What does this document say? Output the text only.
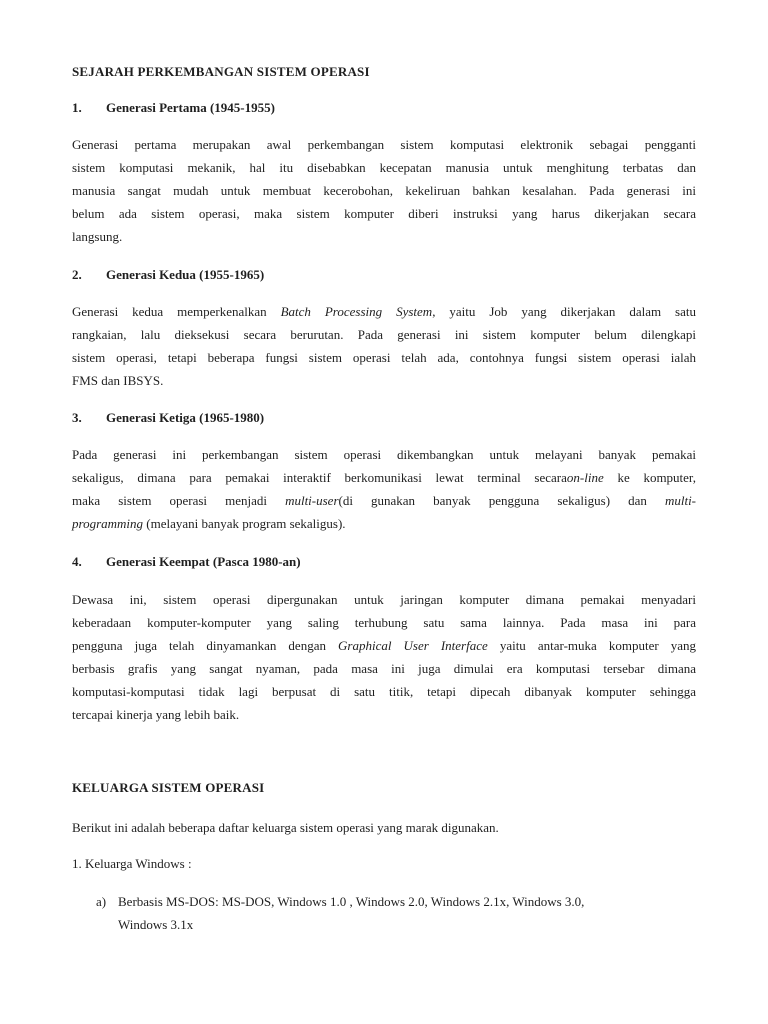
SEJARAH PERKEMBANGAN SISTEM OPERASI
1.	Generasi Pertama (1945-1955)
Generasi pertama merupakan awal perkembangan sistem komputasi elektronik sebagai pengganti
sistem komputasi mekanik, hal itu disebabkan kecepatan manusia untuk menghitung terbatas dan
manusia sangat mudah untuk membuat kecerobohan, kekeliruan bahkan kesalahan. Pada generasi ini
belum ada sistem operasi, maka sistem komputer diberi instruksi yang harus dikerjakan secara
langsung.
2.	Generasi Kedua (1955-1965)
Generasi kedua memperkenalkan Batch Processing System, yaitu Job yang dikerjakan dalam satu
rangkaian, lalu dieksekusi secara berurutan. Pada generasi ini sistem komputer belum dilengkapi
sistem operasi, tetapi beberapa fungsi sistem operasi telah ada, contohnya fungsi sistem operasi ialah
FMS dan IBSYS.
3.	Generasi Ketiga (1965-1980)
Pada generasi ini perkembangan sistem operasi dikembangkan untuk melayani banyak pemakai
sekaligus, dimana para pemakai interaktif berkomunikasi lewat terminal secaraon-line ke komputer,
maka sistem operasi menjadi multi-user(di gunakan banyak pengguna sekaligus) dan multi-
programming (melayani banyak program sekaligus).
4.	Generasi Keempat (Pasca 1980-an)
Dewasa ini, sistem operasi dipergunakan untuk jaringan komputer dimana pemakai menyadari
keberadaan komputer-komputer yang saling terhubung satu sama lainnya. Pada masa ini para
pengguna juga telah dinyamankan dengan Graphical User Interface yaitu antar-muka komputer yang
berbasis grafis yang sangat nyaman, pada masa ini juga dimulai era komputasi tersebar dimana
komputasi-komputasi tidak lagi berpusat di satu titik, tetapi dipecah dibanyak komputer sehingga
tercapai kinerja yang lebih baik.
KELUARGA SISTEM OPERASI
Berikut ini adalah beberapa daftar keluarga sistem operasi yang marak digunakan.
1. Keluarga Windows :
a) Berbasis MS-DOS: MS-DOS, Windows 1.0 , Windows 2.0, Windows 2.1x, Windows 3.0,
Windows 3.1x
